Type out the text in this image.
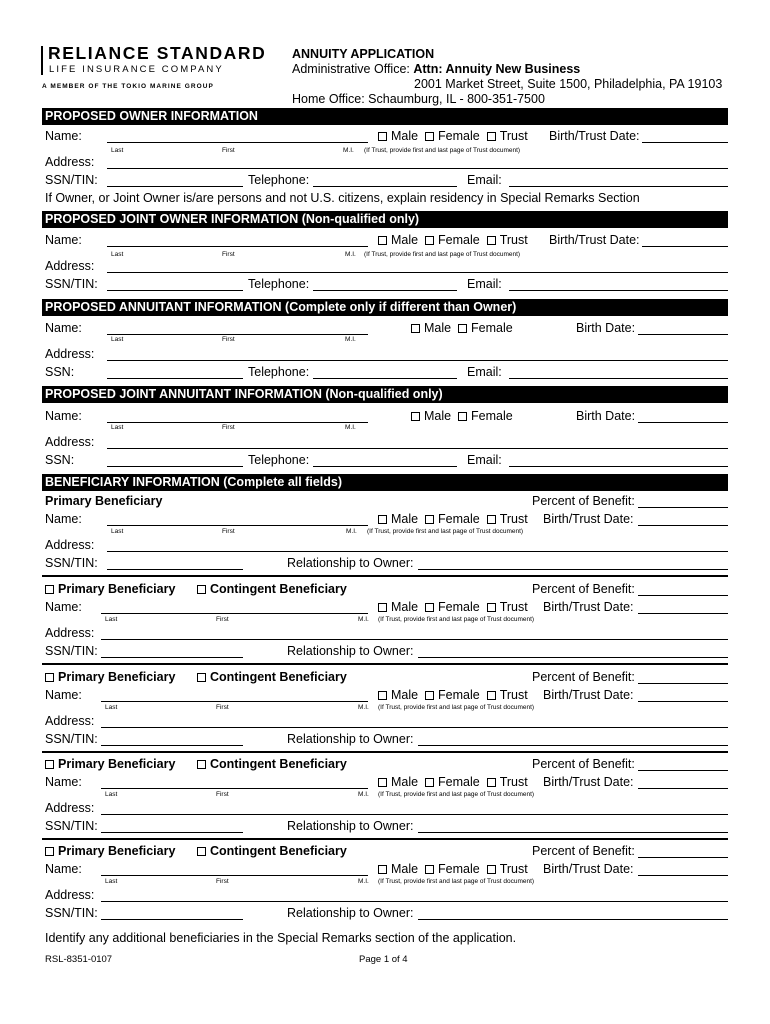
RELIANCE STANDARD
LIFE INSURANCE COMPANY
A MEMBER OF THE TOKIO MARINE GROUP
ANNUITY APPLICATION
Administrative Office: Attn: Annuity New Business
2001 Market Street, Suite 1500, Philadelphia, PA 19103
Home Office: Schaumburg, IL - 800-351-7500
PROPOSED OWNER INFORMATION
Name:	Male Female Trust Birth/Trust Date:
Last	First	M.I. (If Trust, provide first and last page of Trust document)
Address:
SSN/TIN:	Telephone:	Email:
If Owner, or Joint Owner is/are persons and not U.S. citizens, explain residency in Special Remarks Section
PROPOSED JOINT OWNER INFORMATION (Non-qualified only)
Name:	Male Female Trust Birth/Trust Date:
Last	First	M.I. (If Trust, provide first and last page of Trust document)
Address:
SSN/TIN:	Telephone:	Email:
PROPOSED ANNUITANT INFORMATION (Complete only if different than Owner)
Name:	Male Female	Birth Date:
Last	First	M.I.
Address:
SSN:	Telephone:	Email:
PROPOSED JOINT ANNUITANT INFORMATION (Non-qualified only)
Name:	Male Female	Birth Date:
Last	First	M.I.
Address:
SSN:	Telephone:	Email:
BENEFICIARY INFORMATION (Complete all fields)
Primary Beneficiary	Percent of Benefit:
Name:	Male Female Trust Birth/Trust Date:
Last	First	M.I. (If Trust, provide first and last page of Trust document)
Address:
SSN/TIN:	Relationship to Owner:
Primary Beneficiary	Contingent Beneficiary	Percent of Benefit:
Name:	Male Female Trust Birth/Trust Date:
Last	First	M.I. (If Trust, provide first and last page of Trust document)
Address:
SSN/TIN:	Relationship to Owner:
Primary Beneficiary	Contingent Beneficiary	Percent of Benefit:
Name:	Male Female Trust Birth/Trust Date:
Last	First	M.I. (If Trust, provide first and last page of Trust document)
Address:
SSN/TIN:	Relationship to Owner:
Primary Beneficiary	Contingent Beneficiary	Percent of Benefit:
Name:	Male Female Trust Birth/Trust Date:
Last	First	M.I. (If Trust, provide first and last page of Trust document)
Address:
SSN/TIN:	Relationship to Owner:
Primary Beneficiary	Contingent Beneficiary	Percent of Benefit:
Name:	Male Female Trust Birth/Trust Date:
Last	First	M.I. (If Trust, provide first and last page of Trust document)
Address:
SSN/TIN:	Relationship to Owner:
Identify any additional beneficiaries in the Special Remarks section of the application.
RSL-8351-0107	Page 1 of 4
